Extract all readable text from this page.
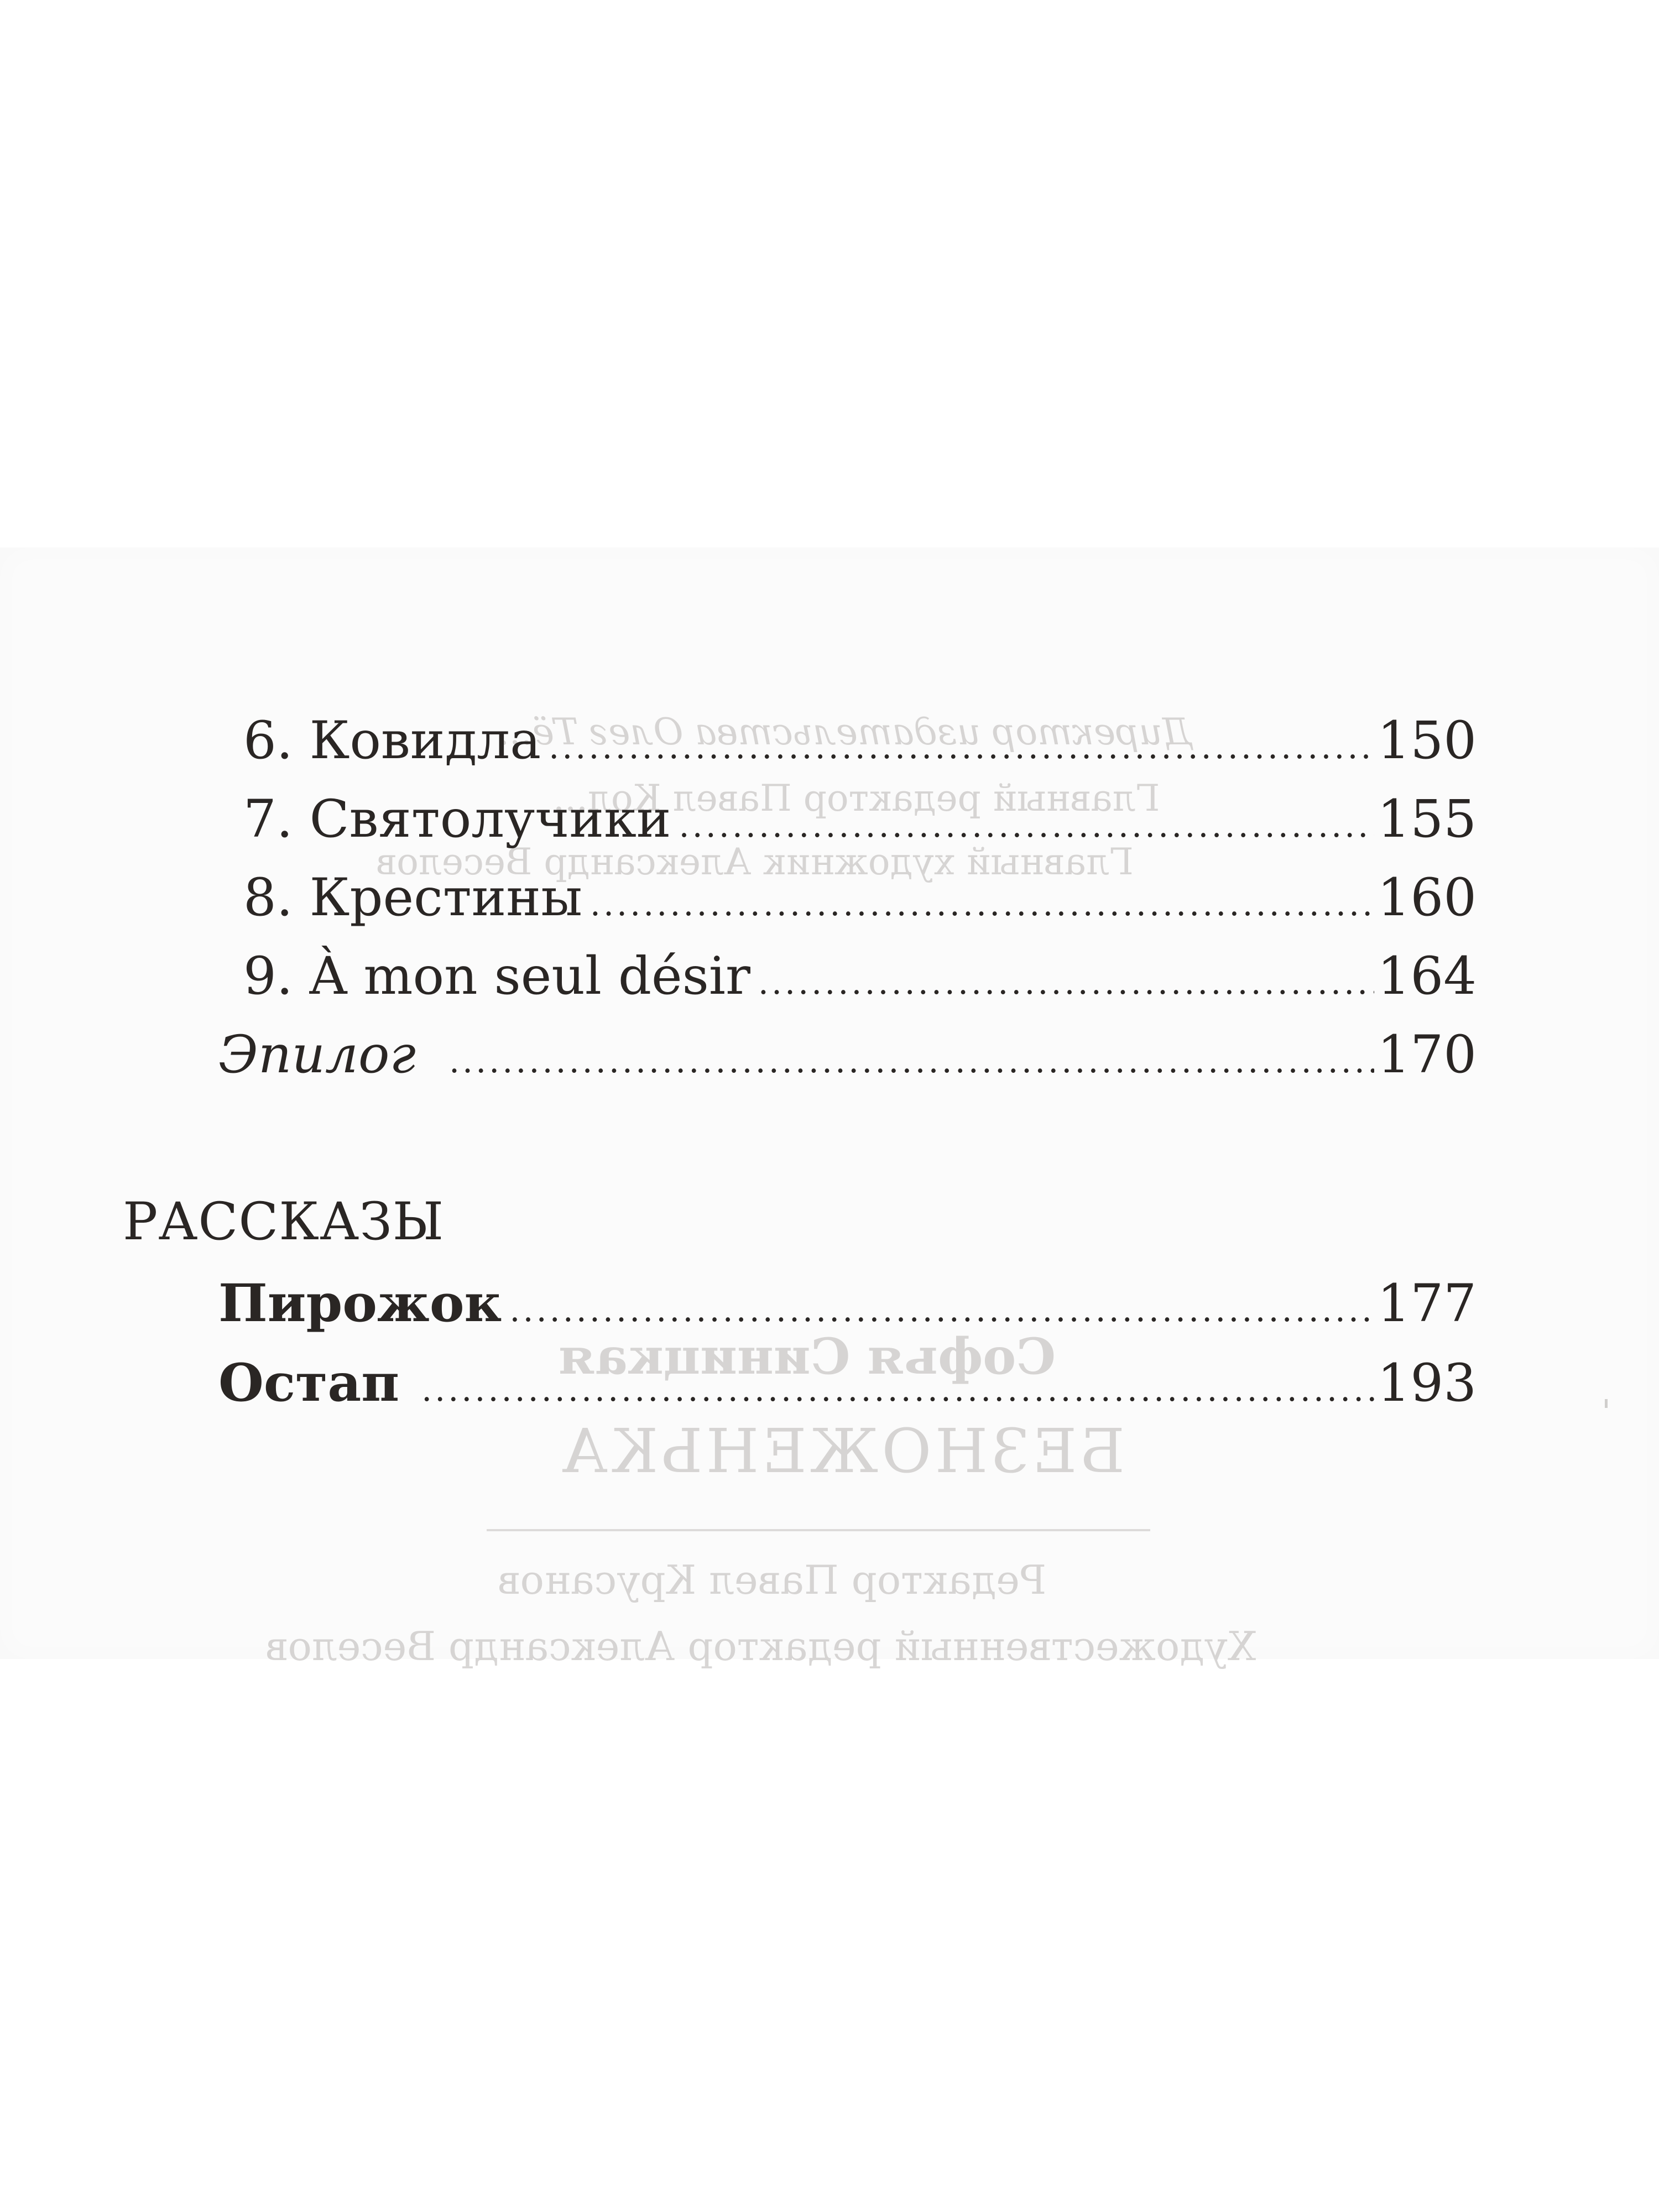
Директор издательства Олег Тё...
Главный редактор Павел Кол...
Главный художник Александр Веселов
Софья Синицкая
БЕЗНОЖЕНЬКА
Редактор Павел Крусанов
Художественный редактор Александр Веселов
6. Ковидла .....	150
7. Святолучики .....	155
8. Крестины .....	160
9. À mon seul désir .....	164
Эпилог .....	170
РАССКАЗЫ
Пирожок .....	177
Остап .....	193
